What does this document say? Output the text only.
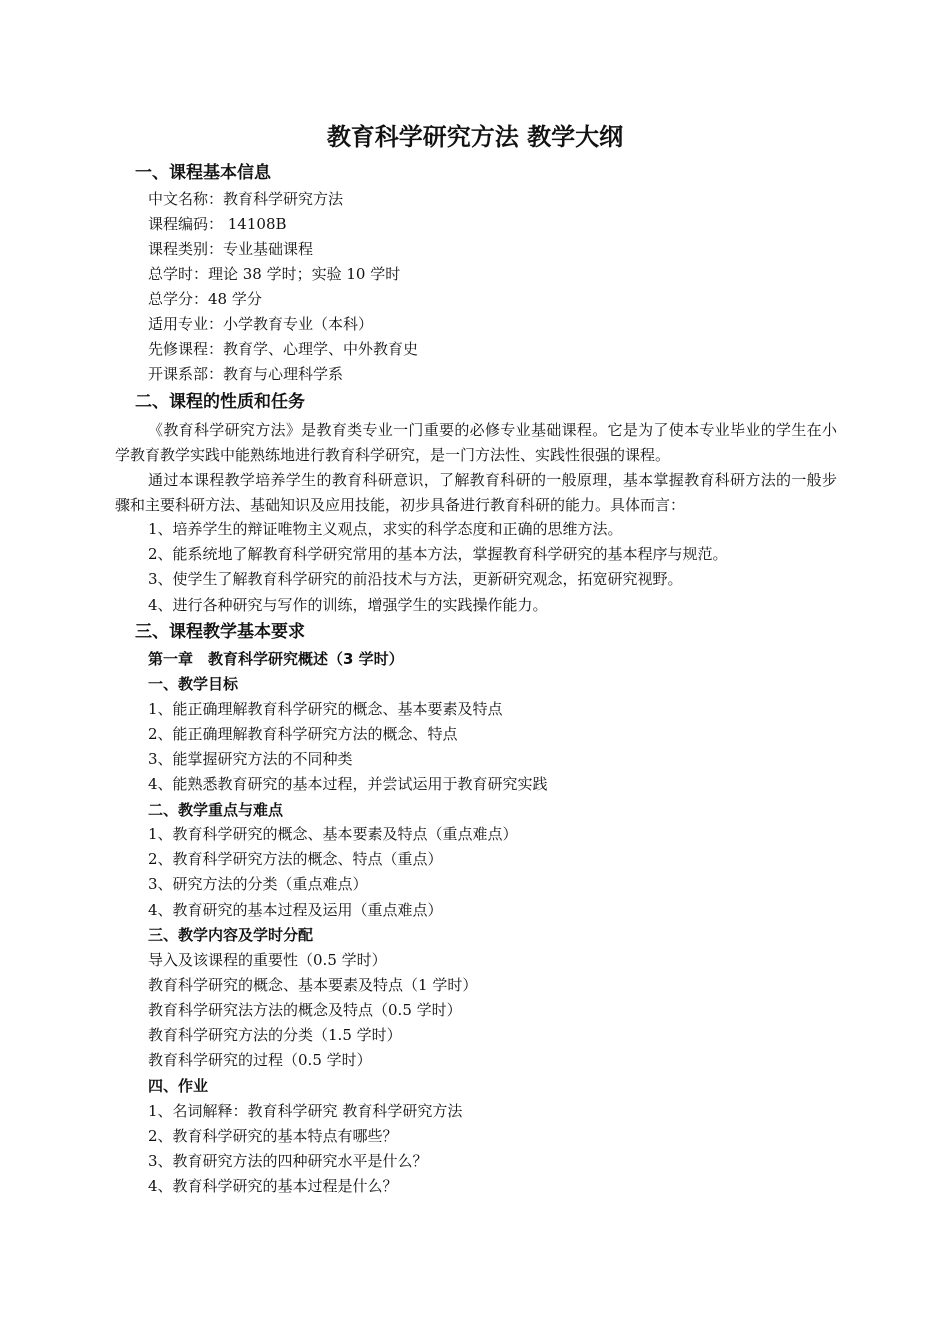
教育科学研究方法 教学大纲
一、课程基本信息
中文名称：教育科学研究方法
课程编码： 14108B
课程类别：专业基础课程
总学时：理论 38 学时；实验 10 学时
总学分：48 学分
适用专业：小学教育专业（本科）
先修课程：教育学、心理学、中外教育史
开课系部：教育与心理科学系
二、课程的性质和任务
《教育科学研究方法》是教育类专业一门重要的必修专业基础课程。它是为了使本专业毕业的学生在小学教育教学实践中能熟练地进行教育科学研究，是一门方法性、实践性很强的课程。
通过本课程教学培养学生的教育科研意识，了解教育科研的一般原理，基本掌握教育科研方法的一般步骤和主要科研方法、基础知识及应用技能，初步具备进行教育科研的能力。具体而言：
1、培养学生的辩证唯物主义观点，求实的科学态度和正确的思维方法。
2、能系统地了解教育科学研究常用的基本方法，掌握教育科学研究的基本程序与规范。
3、使学生了解教育科学研究的前沿技术与方法，更新研究观念，拓宽研究视野。
4、进行各种研究与写作的训练，增强学生的实践操作能力。
三、课程教学基本要求
第一章　教育科学研究概述（3 学时）
一、教学目标
1、能正确理解教育科学研究的概念、基本要素及特点
2、能正确理解教育科学研究方法的概念、特点
3、能掌握研究方法的不同种类
4、能熟悉教育研究的基本过程，并尝试运用于教育研究实践
二、教学重点与难点
1、教育科学研究的概念、基本要素及特点（重点难点）
2、教育科学研究方法的概念、特点（重点）
3、研究方法的分类（重点难点）
4、教育研究的基本过程及运用（重点难点）
三、教学内容及学时分配
导入及该课程的重要性（0.5 学时）
教育科学研究的概念、基本要素及特点（1 学时）
教育科学研究法方法的概念及特点（0.5 学时）
教育科学研究方法的分类（1.5 学时）
教育科学研究的过程（0.5 学时）
四、作业
1、名词解释：教育科学研究 教育科学研究方法
2、教育科学研究的基本特点有哪些？
3、教育研究方法的四种研究水平是什么？
4、教育科学研究的基本过程是什么？
